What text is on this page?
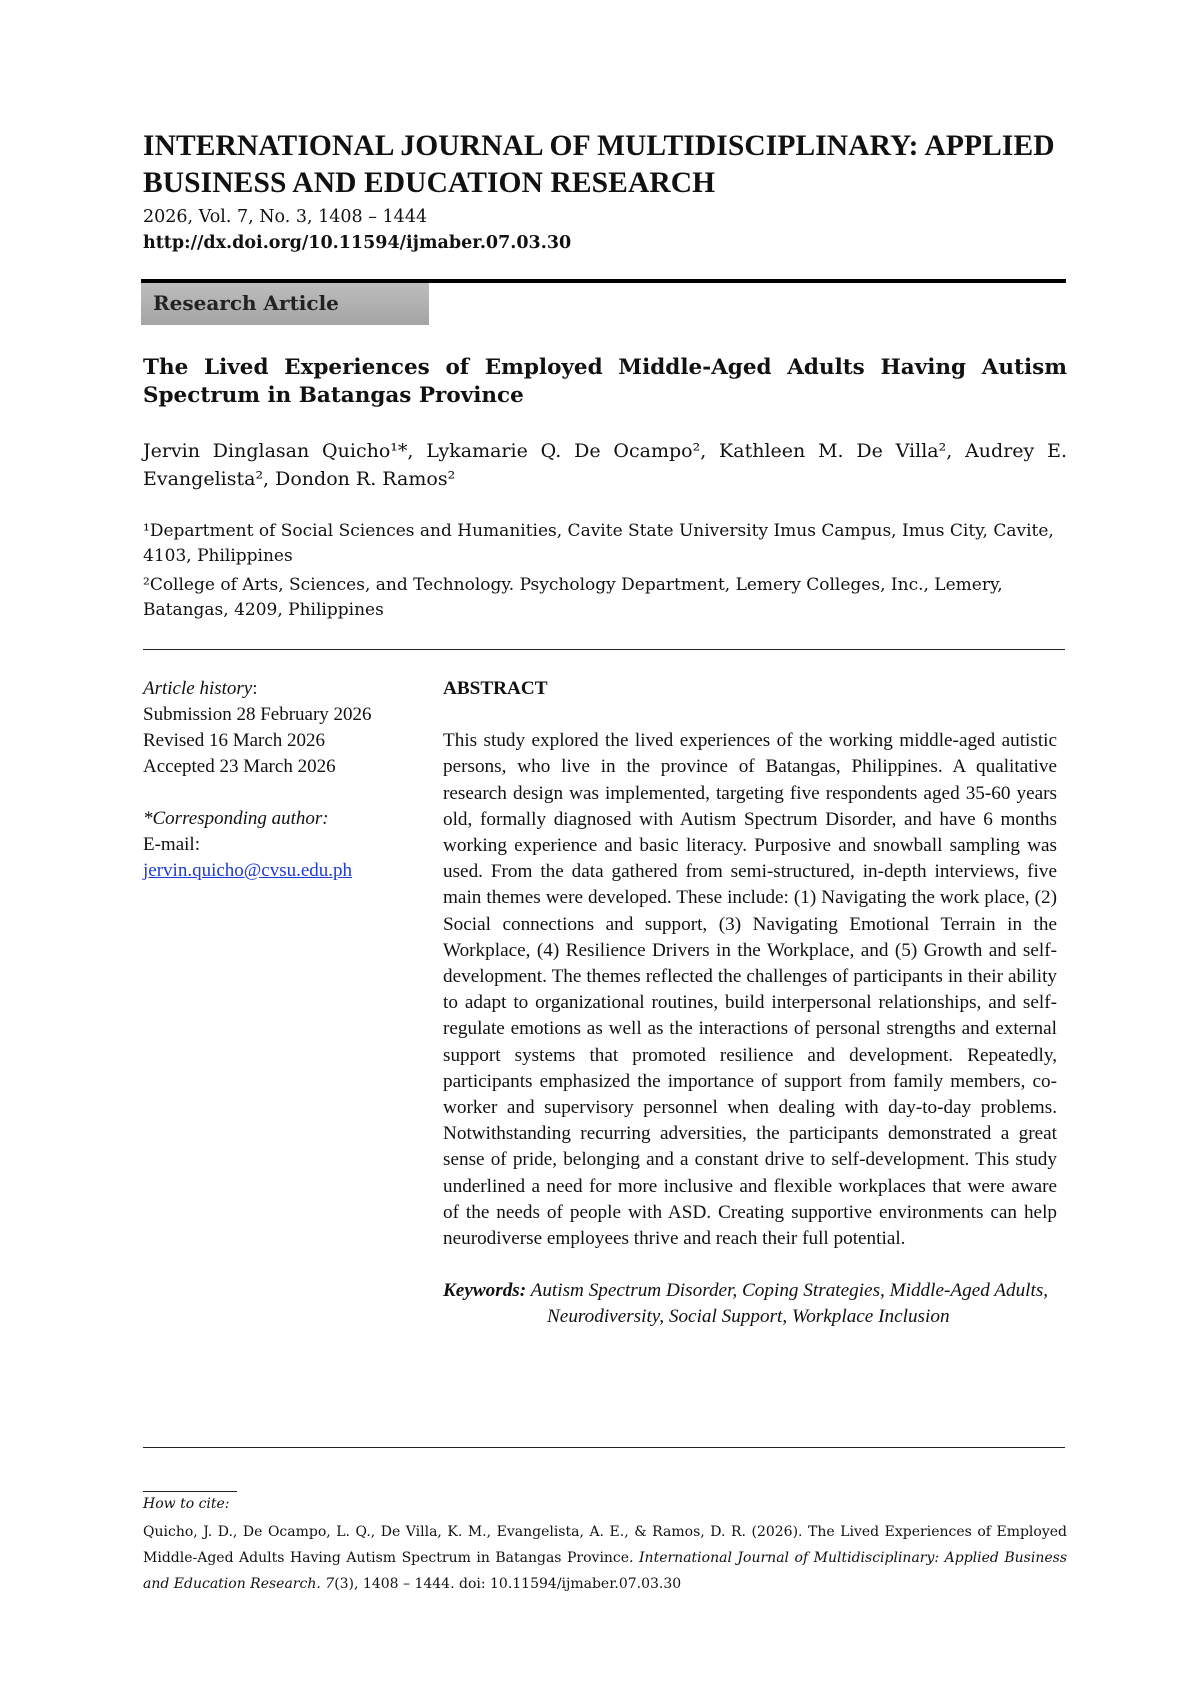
INTERNATIONAL JOURNAL OF MULTIDISCIPLINARY: APPLIED BUSINESS AND EDUCATION RESEARCH
2026, Vol. 7, No. 3, 1408 – 1444
http://dx.doi.org/10.11594/ijmaber.07.03.30
Research Article
The Lived Experiences of Employed Middle-Aged Adults Having Autism Spectrum in Batangas Province
Jervin Dinglasan Quicho¹*, Lykamarie Q. De Ocampo², Kathleen M. De Villa², Audrey E. Evangelista², Dondon R. Ramos²

¹Department of Social Sciences and Humanities, Cavite State University Imus Campus, Imus City, Cavite, 4103, Philippines

²College of Arts, Sciences, and Technology. Psychology Department, Lemery Colleges, Inc., Lemery, Batangas, 4209, Philippines

Article history:
Submission 28 February 2026
Revised 16 March 2026
Accepted 23 March 2026
*Corresponding author:
E-mail:
jervin.quicho@cvsu.edu.ph
ABSTRACT
This study explored the lived experiences of the working middle-aged autistic persons, who live in the province of Batangas, Philippines. A qualitative research design was implemented, targeting five respondents aged 35-60 years old, formally diagnosed with Autism Spectrum Disorder, and have 6 months working experience and basic literacy. Purposive and snowball sampling was used. From the data gathered from semi-structured, in-depth interviews, five main themes were developed. These include: (1) Navigating the work place, (2) Social connections and support, (3) Navigating Emotional Terrain in the Workplace, (4) Resilience Drivers in the Workplace, and (5) Growth and self- development. The themes reflected the challenges of participants in their ability to adapt to organizational routines, build interpersonal relationships, and self-regulate emotions as well as the interactions of personal strengths and external support systems that promoted resilience and development. Repeatedly, participants emphasized the importance of support from family members, co-worker and supervisory personnel when dealing with day-to-day problems. Notwithstanding recurring adversities, the participants demonstrated a great sense of pride, belonging and a constant drive to self-development. This study underlined a need for more inclusive and flexible workplaces that were aware of the needs of people with ASD. Creating supportive environments can help neurodiverse employees thrive and reach their full potential.
Keywords: Autism Spectrum Disorder, Coping Strategies, Middle-Aged Adults, Neurodiversity, Social Support, Workplace Inclusion
How to cite:
Quicho, J. D., De Ocampo, L. Q., De Villa, K. M., Evangelista, A. E., & Ramos, D. R. (2026). The Lived Experiences of Employed Middle-Aged Adults Having Autism Spectrum in Batangas Province. International Journal of Multidisciplinary: Applied Business and Education Research. 7(3), 1408 – 1444. doi: 10.11594/ijmaber.07.03.30
